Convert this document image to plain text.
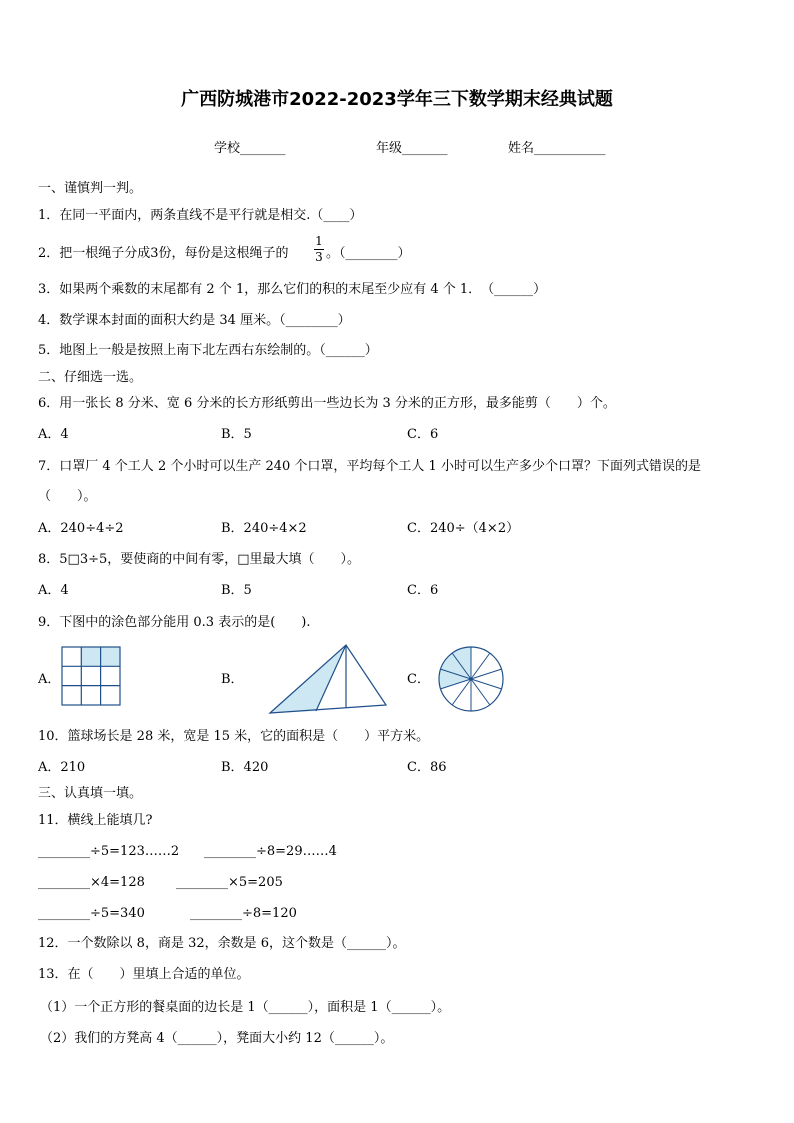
广西防城港市2022-2023学年三下数学期末经典试题
学校_______	年级_______	姓名___________
一、谨慎判一判。
1．在同一平面内，两条直线不是平行就是相交.（____）
2．把一根绳子分成3份，每份是这根绳子的
1
3 。（________）
3．如果两个乘数的末尾都有 2 个 1，那么它们的积的末尾至少应有 4 个 1．　（______）
4．数学课本封面的面积大约是 34 厘米。（________）
5．地图上一般是按照上南下北左西右东绘制的。（______）
二、仔细选一选。
6．用一张长 8 分米、宽 6 分米的长方形纸剪出一些边长为 3 分米的正方形，最多能剪（　　）个。
A．4	B．5	C．6
7．口罩厂 4 个工人 2 个小时可以生产 240 个口罩，平均每个工人 1 小时可以生产多少个口罩？下面列式错误的是
（　　）。
A．240÷4÷2	B．240÷4×2	C．240÷（4×2）
8．5□3÷5，要使商的中间有零，□里最大填（　　）。
A．4	B．5	C．6
9．下图中的涂色部分能用 0.3 表示的是(　　).
A．	B．	C．
10．篮球场长是 28 米，宽是 15 米，它的面积是（　　）平方米。
A．210	B．420	C．86
三、认真填一填。
11．横线上能填几?
________÷5=123……2 ________÷8=29……4
________×4=128 ________×5=205
________÷5=340	________÷8=120
12．一个数除以 8，商是 32，余数是 6，这个数是（______）。
13．在（　　）里填上合适的单位。
（1）一个正方形的餐桌面的边长是 1（______），面积是 1（______）。
（2）我们的方凳高 4（______），凳面大小约 12（______）。
